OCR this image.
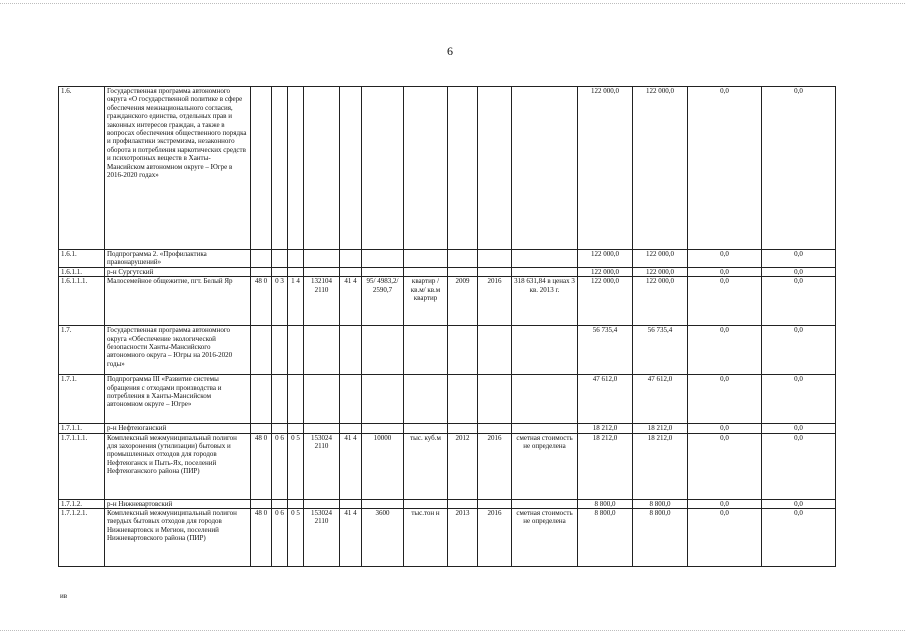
6
1.6.	Государственная программа автономного округа «О государственной политике в сфере обеспечения межнационального согласия, гражданского единства, отдельных прав и законных интересов граждан, а также в вопросах обеспечения общественного порядка и профилактики экстремизма, незаконного оборота и потребления наркотических средств и психотропных веществ в Ханты-Мансийском автономном округе – Югре в 2016-2020 годах»											122 000,0	122 000,0	0,0	0,0
1.6.1.	Подпрограмма 2. «Профилактика правонарушений»											122 000,0	122 000,0	0,0	0,0
1.6.1.1.	р-н Сургутский											122 000,0	122 000,0	0,0	0,0
1.6.1.1.1.	Малосемейное общежитие, пгт. Белый Яр	48 0	0 3	1 4	132104 2110	41 4	95/ 4983,2/ 2590,7	квартир / кв.м/ кв.м квартир	2009	2016	318 631,84 в ценах 3 кв. 2013 г.	122 000,0	122 000,0	0,0	0,0
1.7.	Государственная программа автономного округа «Обеспечение экологической безопасности Ханты-Мансийского автономного округа – Югры на 2016-2020 годы»											56 735,4	56 735,4	0,0	0,0
1.7.1.	Подпрограмма III «Развитие системы обращения с отходами производства и потребления в Ханты-Мансийском автономном округе – Югре»											47 612,0	47 612,0	0,0	0,0
1.7.1.1.	р-н Нефтеюганский											18 212,0	18 212,0	0,0	0,0
1.7.1.1.1.	Комплексный межмуниципальный полигон для захоронения (утилизации) бытовых и промышленных отходов для городов Нефтеюганск и Пыть-Ях, поселений Нефтеюганского района (ПИР)	48 0	0 6	0 5	153024 2110	41 4	10000	тыс. куб.м	2012	2016	сметная стоимость не определена	18 212,0	18 212,0	0,0	0,0
1.7.1.2.	р-н Нижневартовский											8 800,0	8 800,0	0,0	0,0
1.7.1.2.1.	Комплексный межмуниципальный полигон твердых бытовых отходов для городов Нижневартовск и Мегион, поселений Нижневартовского района (ПИР)	48 0	0 6	0 5	153024 2110	41 4	3600	тыс.тон н	2013	2016	сметная стоимость не определена	8 800,0	8 800,0	0,0	0,0
ив
